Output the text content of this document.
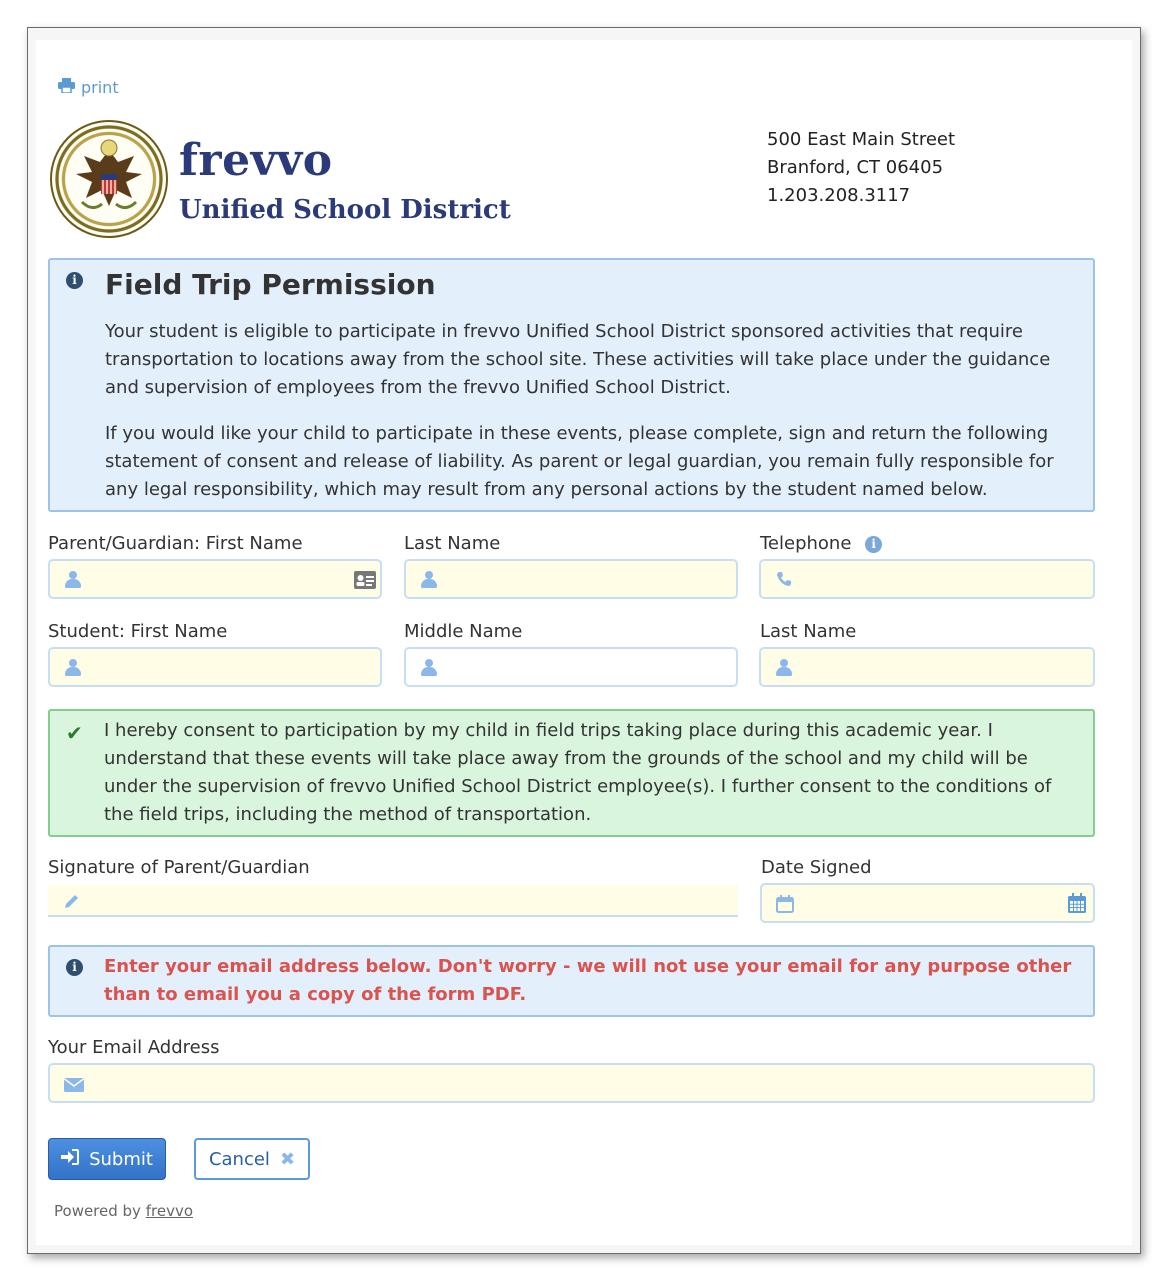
print
frevvo
Unified School District
500 East Main Street
Branford, CT 06405
1.203.208.3117
i Field Trip Permission
Your student is eligible to participate in frevvo Unified School District sponsored activities that require transportation to locations away from the school site. These activities will take place under the guidance and supervision of employees from the frevvo Unified School District.
If you would like your child to participate in these events, please complete, sign and return the following statement of consent and release of liability. As parent or legal guardian, you remain fully responsible for any legal responsibility, which may result from any personal actions by the student named below.
Parent/Guardian: First Name	Last Name	Telephone i
Student: First Name	Middle Name	Last Name
✔ I hereby consent to participation by my child in field trips taking place during this academic year. I understand that these events will take place away from the grounds of the school and my child will be under the supervision of frevvo Unified School District employee(s). I further consent to the conditions of the field trips, including the method of transportation.
Signature of Parent/Guardian	Date Signed
i	Enter your email address below. Don't worry - we will not use your email for any purpose other than to email you a copy of the form PDF.
Your Email Address
Submit	Cancel ✖
Powered by frevvo
